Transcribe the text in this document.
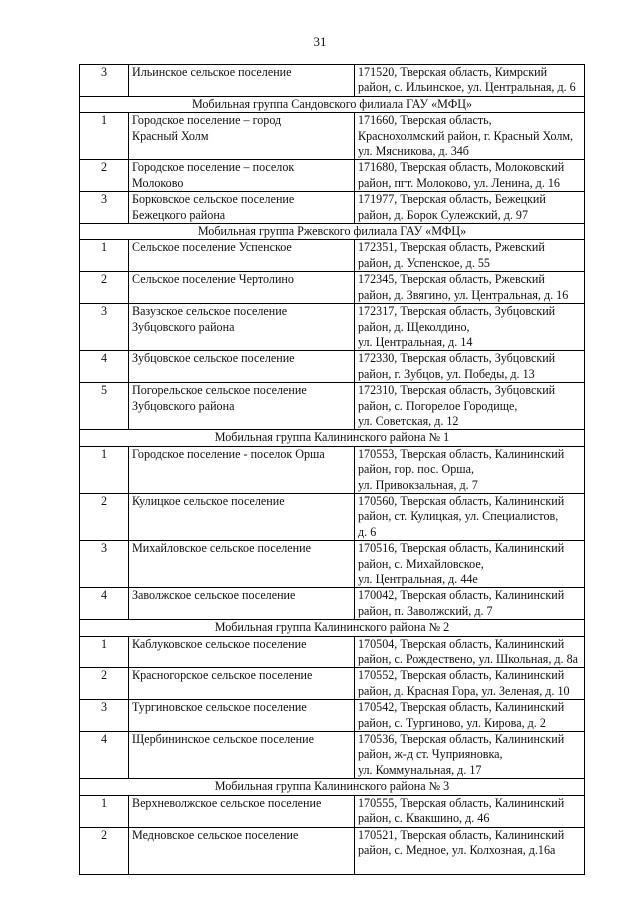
31
3	Ильинское сельское поселение	171520, Тверская область, Кимрский
район, с. Ильинское, ул. Центральная, д. 6

Мобильная группа Сандовского филиала ГАУ «МФЦ»		
1	Городское поселение – город
Красный Холм	171660, Тверская область,
Краснохолмский район, г. Красный Холм,
ул. Мясникова, д. 34б

2	Городское поселение – поселок
Молоково	171680, Тверская область, Молоковский
район, пгт. Молоково, ул. Ленина, д. 16

3	Борковское сельское поселение
Бежецкого района	171977, Тверская область, Бежецкий
район, д. Борок Сулежский, д. 97

Мобильная группа Ржевского филиала ГАУ «МФЦ»		
1	Сельское поселение Успенское	172351, Тверская область, Ржевский
район, д. Успенское, д. 55

2	Сельское поселение Чертолино	172345, Тверская область, Ржевский
район, д. Звягино, ул. Центральная, д. 16

3	Вазузское сельское поселение
Зубцовского района	172317, Тверская область, Зубцовский
район, д. Щеколдино,
ул. Центральная, д. 14

4	Зубцовское сельское поселение	172330, Тверская область, Зубцовский
район, г. Зубцов, ул. Победы, д. 13

5	Погорельское сельское поселение
Зубцовского района	172310, Тверская область, Зубцовский
район, с. Погорелое Городище,
ул. Советская, д. 12

Мобильная группа Калининского района № 1		
1	Городское поселение - поселок Орша	170553, Тверская область, Калининский
район, гор. пос. Орша,
ул. Привокзальная, д. 7

2	Кулицкое сельское поселение	170560, Тверская область, Калининский
район, ст. Кулицкая, ул. Специалистов,
д. 6

3	Михайловское сельское поселение	170516, Тверская область, Калининский
район, с. Михайловское,
ул. Центральная, д. 44е

4	Заволжское сельское поселение	170042, Тверская область, Калининский
район, п. Заволжский, д. 7

Мобильная группа Калининского района № 2		
1	Каблуковское сельское поселение	170504, Тверская область, Калининский
район, с. Рождествено, ул. Школьная, д. 8а

2	Красногорское сельское поселение	170552, Тверская область, Калининский
район, д. Красная Гора, ул. Зеленая, д. 10

3	Тургиновское сельское поселение	170542, Тверская область, Калининский
район, с. Тургиново, ул. Кирова, д. 2

4	Щербининское сельское поселение	170536, Тверская область, Калининский
район, ж-д ст. Чуприяновка,
ул. Коммунальная, д. 17

Мобильная группа Калининского района № 3		
1	Верхневолжское сельское поселение	170555, Тверская область, Калининский
район, с. Квакшино, д. 46

2	Медновское сельское поселение	170521, Тверская область, Калининский
район, с. Медное, ул. Колхозная, д.16а
